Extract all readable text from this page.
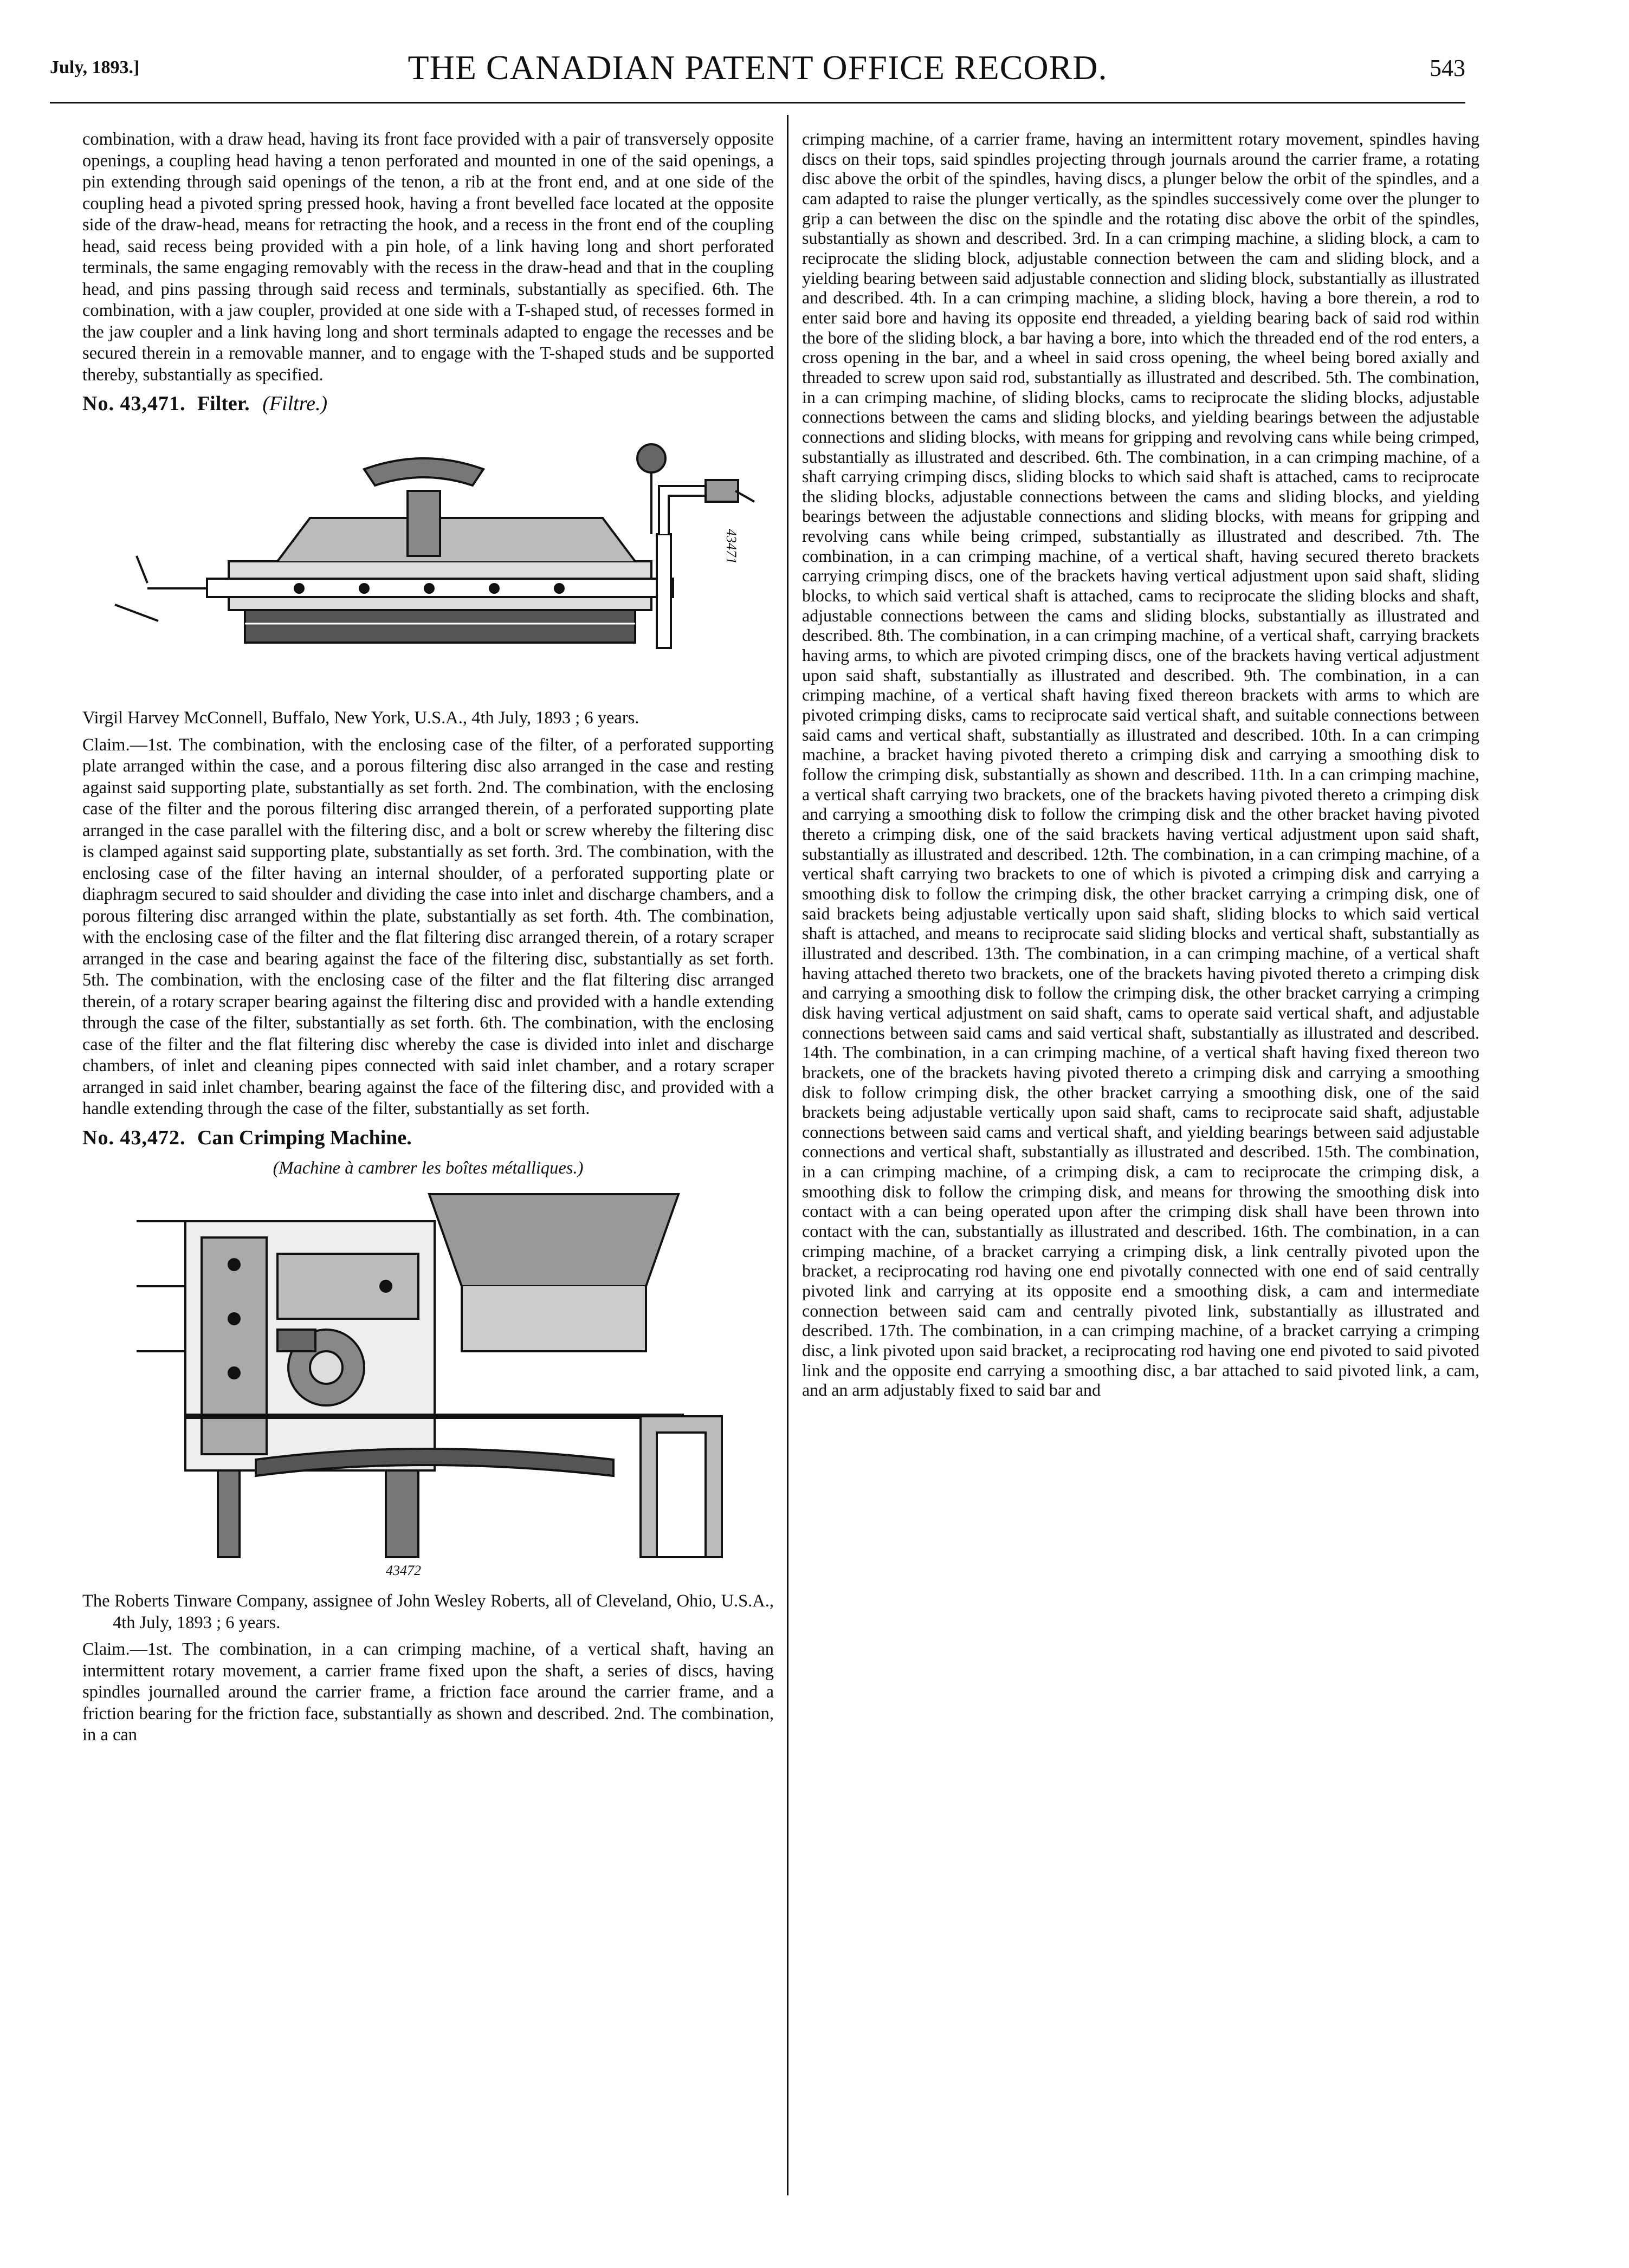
July, 1893.]	THE CANADIAN PATENT OFFICE RECORD.	543

combination, with a draw head, having its front face provided with a pair of transversely opposite openings, a coupling head having a tenon perforated and mounted in one of the said openings, a pin extending through said openings of the tenon, a rib at the front end, and at one side of the coupling head a pivoted spring pressed hook, having a front bevelled face located at the opposite side of the draw-head, means for retracting the hook, and a recess in the front end of the coupling head, said recess being provided with a pin hole, of a link having long and short perforated terminals, the same engaging removably with the recess in the draw-head and that in the coupling head, and pins passing through said recess and terminals, substantially as specified. 6th. The combination, with a jaw coupler, provided at one side with a T-shaped stud, of recesses formed in the jaw coupler and a link having long and short terminals adapted to engage the recesses and be secured therein in a removable manner, and to engage with the T-shaped studs and be supported thereby, substantially as specified.

No. 43,471. Filter. (Filtre.)

43471

Virgil Harvey McConnell, Buffalo, New York, U.S.A., 4th July, 1893 ; 6 years.

Claim.—1st. The combination, with the enclosing case of the filter, of a perforated supporting plate arranged within the case, and a porous filtering disc also arranged in the case and resting against said supporting plate, substantially as set forth. 2nd. The combination, with the enclosing case of the filter and the porous filtering disc arranged therein, of a perforated supporting plate arranged in the case parallel with the filtering disc, and a bolt or screw whereby the filtering disc is clamped against said supporting plate, substantially as set forth. 3rd. The combination, with the enclosing case of the filter having an internal shoulder, of a perforated supporting plate or diaphragm secured to said shoulder and dividing the case into inlet and discharge chambers, and a porous filtering disc arranged within the plate, substantially as set forth. 4th. The combination, with the enclosing case of the filter and the flat filtering disc arranged therein, of a rotary scraper arranged in the case and bearing against the face of the filtering disc, substantially as set forth. 5th. The combination, with the enclosing case of the filter and the flat filtering disc arranged therein, of a rotary scraper bearing against the filtering disc and provided with a handle extending through the case of the filter, substantially as set forth. 6th. The combination, with the enclosing case of the filter and the flat filtering disc whereby the case is divided into inlet and discharge chambers, of inlet and cleaning pipes connected with said inlet chamber, and a rotary scraper arranged in said inlet chamber, bearing against the face of the filtering disc, and provided with a handle extending through the case of the filter, substantially as set forth.

No. 43,472. Can Crimping Machine.

(Machine à cambrer les boîtes métalliques.)

43472

The Roberts Tinware Company, assignee of John Wesley Roberts, all of Cleveland, Ohio, U.S.A., 4th July, 1893 ; 6 years.

Claim.—1st. The combination, in a can crimping machine, of a vertical shaft, having an intermittent rotary movement, a carrier frame fixed upon the shaft, a series of discs, having spindles journalled around the carrier frame, a friction face around the carrier frame, and a friction bearing for the friction face, substantially as shown and described. 2nd. The combination, in a can

crimping machine, of a carrier frame, having an intermittent rotary movement, spindles having discs on their tops, said spindles projecting through journals around the carrier frame, a rotating disc above the orbit of the spindles, having discs, a plunger below the orbit of the spindles, and a cam adapted to raise the plunger vertically, as the spindles successively come over the plunger to grip a can between the disc on the spindle and the rotating disc above the orbit of the spindles, substantially as shown and described. 3rd. In a can crimping machine, a sliding block, a cam to reciprocate the sliding block, adjustable connection between the cam and sliding block, and a yielding bearing between said adjustable connection and sliding block, substantially as illustrated and described. 4th. In a can crimping machine, a sliding block, having a bore therein, a rod to enter said bore and having its opposite end threaded, a yielding bearing back of said rod within the bore of the sliding block, a bar having a bore, into which the threaded end of the rod enters, a cross opening in the bar, and a wheel in said cross opening, the wheel being bored axially and threaded to screw upon said rod, substantially as illustrated and described. 5th. The combination, in a can crimping machine, of sliding blocks, cams to reciprocate the sliding blocks, adjustable connections between the cams and sliding blocks, and yielding bearings between the adjustable connections and sliding blocks, with means for gripping and revolving cans while being crimped, substantially as illustrated and described. 6th. The combination, in a can crimping machine, of a shaft carrying crimping discs, sliding blocks to which said shaft is attached, cams to reciprocate the sliding blocks, adjustable connections between the cams and sliding blocks, and yielding bearings between the adjustable connections and sliding blocks, with means for gripping and revolving cans while being crimped, substantially as illustrated and described. 7th. The combination, in a can crimping machine, of a vertical shaft, having secured thereto brackets carrying crimping discs, one of the brackets having vertical adjustment upon said shaft, sliding blocks, to which said vertical shaft is attached, cams to reciprocate the sliding blocks and shaft, adjustable connections between the cams and sliding blocks, substantially as illustrated and described. 8th. The combination, in a can crimping machine, of a vertical shaft, carrying brackets having arms, to which are pivoted crimping discs, one of the brackets having vertical adjustment upon said shaft, substantially as illustrated and described. 9th. The combination, in a can crimping machine, of a vertical shaft having fixed thereon brackets with arms to which are pivoted crimping disks, cams to reciprocate said vertical shaft, and suitable connections between said cams and vertical shaft, substantially as illustrated and described. 10th. In a can crimping machine, a bracket having pivoted thereto a crimping disk and carrying a smoothing disk to follow the crimping disk, substantially as shown and described. 11th. In a can crimping machine, a vertical shaft carrying two brackets, one of the brackets having pivoted thereto a crimping disk and carrying a smoothing disk to follow the crimping disk and the other bracket having pivoted thereto a crimping disk, one of the said brackets having vertical adjustment upon said shaft, substantially as illustrated and described. 12th. The combination, in a can crimping machine, of a vertical shaft carrying two brackets to one of which is pivoted a crimping disk and carrying a smoothing disk to follow the crimping disk, the other bracket carrying a crimping disk, one of said brackets being adjustable vertically upon said shaft, sliding blocks to which said vertical shaft is attached, and means to reciprocate said sliding blocks and vertical shaft, substantially as illustrated and described. 13th. The combination, in a can crimping machine, of a vertical shaft having attached thereto two brackets, one of the brackets having pivoted thereto a crimping disk and carrying a smoothing disk to follow the crimping disk, the other bracket carrying a crimping disk having vertical adjustment on said shaft, cams to operate said vertical shaft, and adjustable connections between said cams and said vertical shaft, substantially as illustrated and described. 14th. The combination, in a can crimping machine, of a vertical shaft having fixed thereon two brackets, one of the brackets having pivoted thereto a crimping disk and carrying a smoothing disk to follow crimping disk, the other bracket carrying a smoothing disk, one of the said brackets being adjustable vertically upon said shaft, cams to reciprocate said shaft, adjustable connections between said cams and vertical shaft, and yielding bearings between said adjustable connections and vertical shaft, substantially as illustrated and described. 15th. The combination, in a can crimping machine, of a crimping disk, a cam to reciprocate the crimping disk, a smoothing disk to follow the crimping disk, and means for throwing the smoothing disk into contact with a can being operated upon after the crimping disk shall have been thrown into contact with the can, substantially as illustrated and described. 16th. The combination, in a can crimping machine, of a bracket carrying a crimping disk, a link centrally pivoted upon the bracket, a reciprocating rod having one end pivotally connected with one end of said centrally pivoted link and carrying at its opposite end a smoothing disk, a cam and intermediate connection between said cam and centrally pivoted link, substantially as illustrated and described. 17th. The combination, in a can crimping machine, of a bracket carrying a crimping disc, a link pivoted upon said bracket, a reciprocating rod having one end pivoted to said pivoted link and the opposite end carrying a smoothing disc, a bar attached to said pivoted link, a cam, and an arm adjustably fixed to said bar and
